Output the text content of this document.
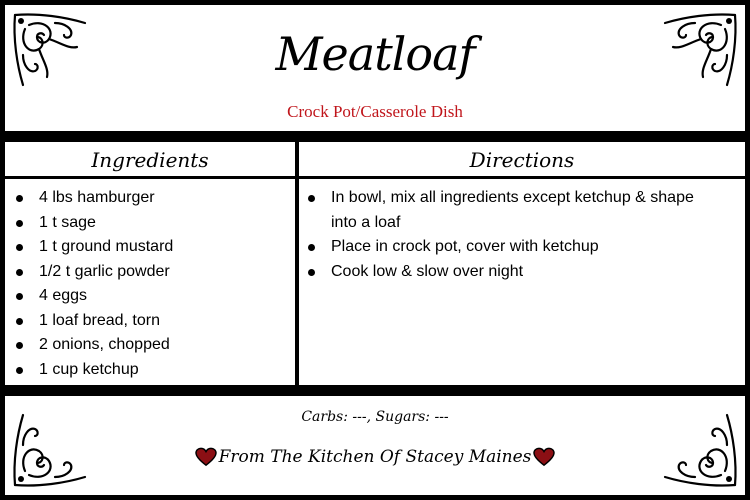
Meatloaf
Crock Pot/Casserole Dish
Ingredients
4 lbs hamburger
1 t sage
1 t ground mustard
1/2 t garlic powder
4 eggs
1 loaf bread, torn
2 onions, chopped
1 cup ketchup
Directions
In bowl, mix all ingredients except ketchup & shape into a loaf
Place in crock pot, cover with ketchup
Cook low & slow over night
Carbs: ---, Sugars: ---
From The Kitchen Of Stacey Maines
